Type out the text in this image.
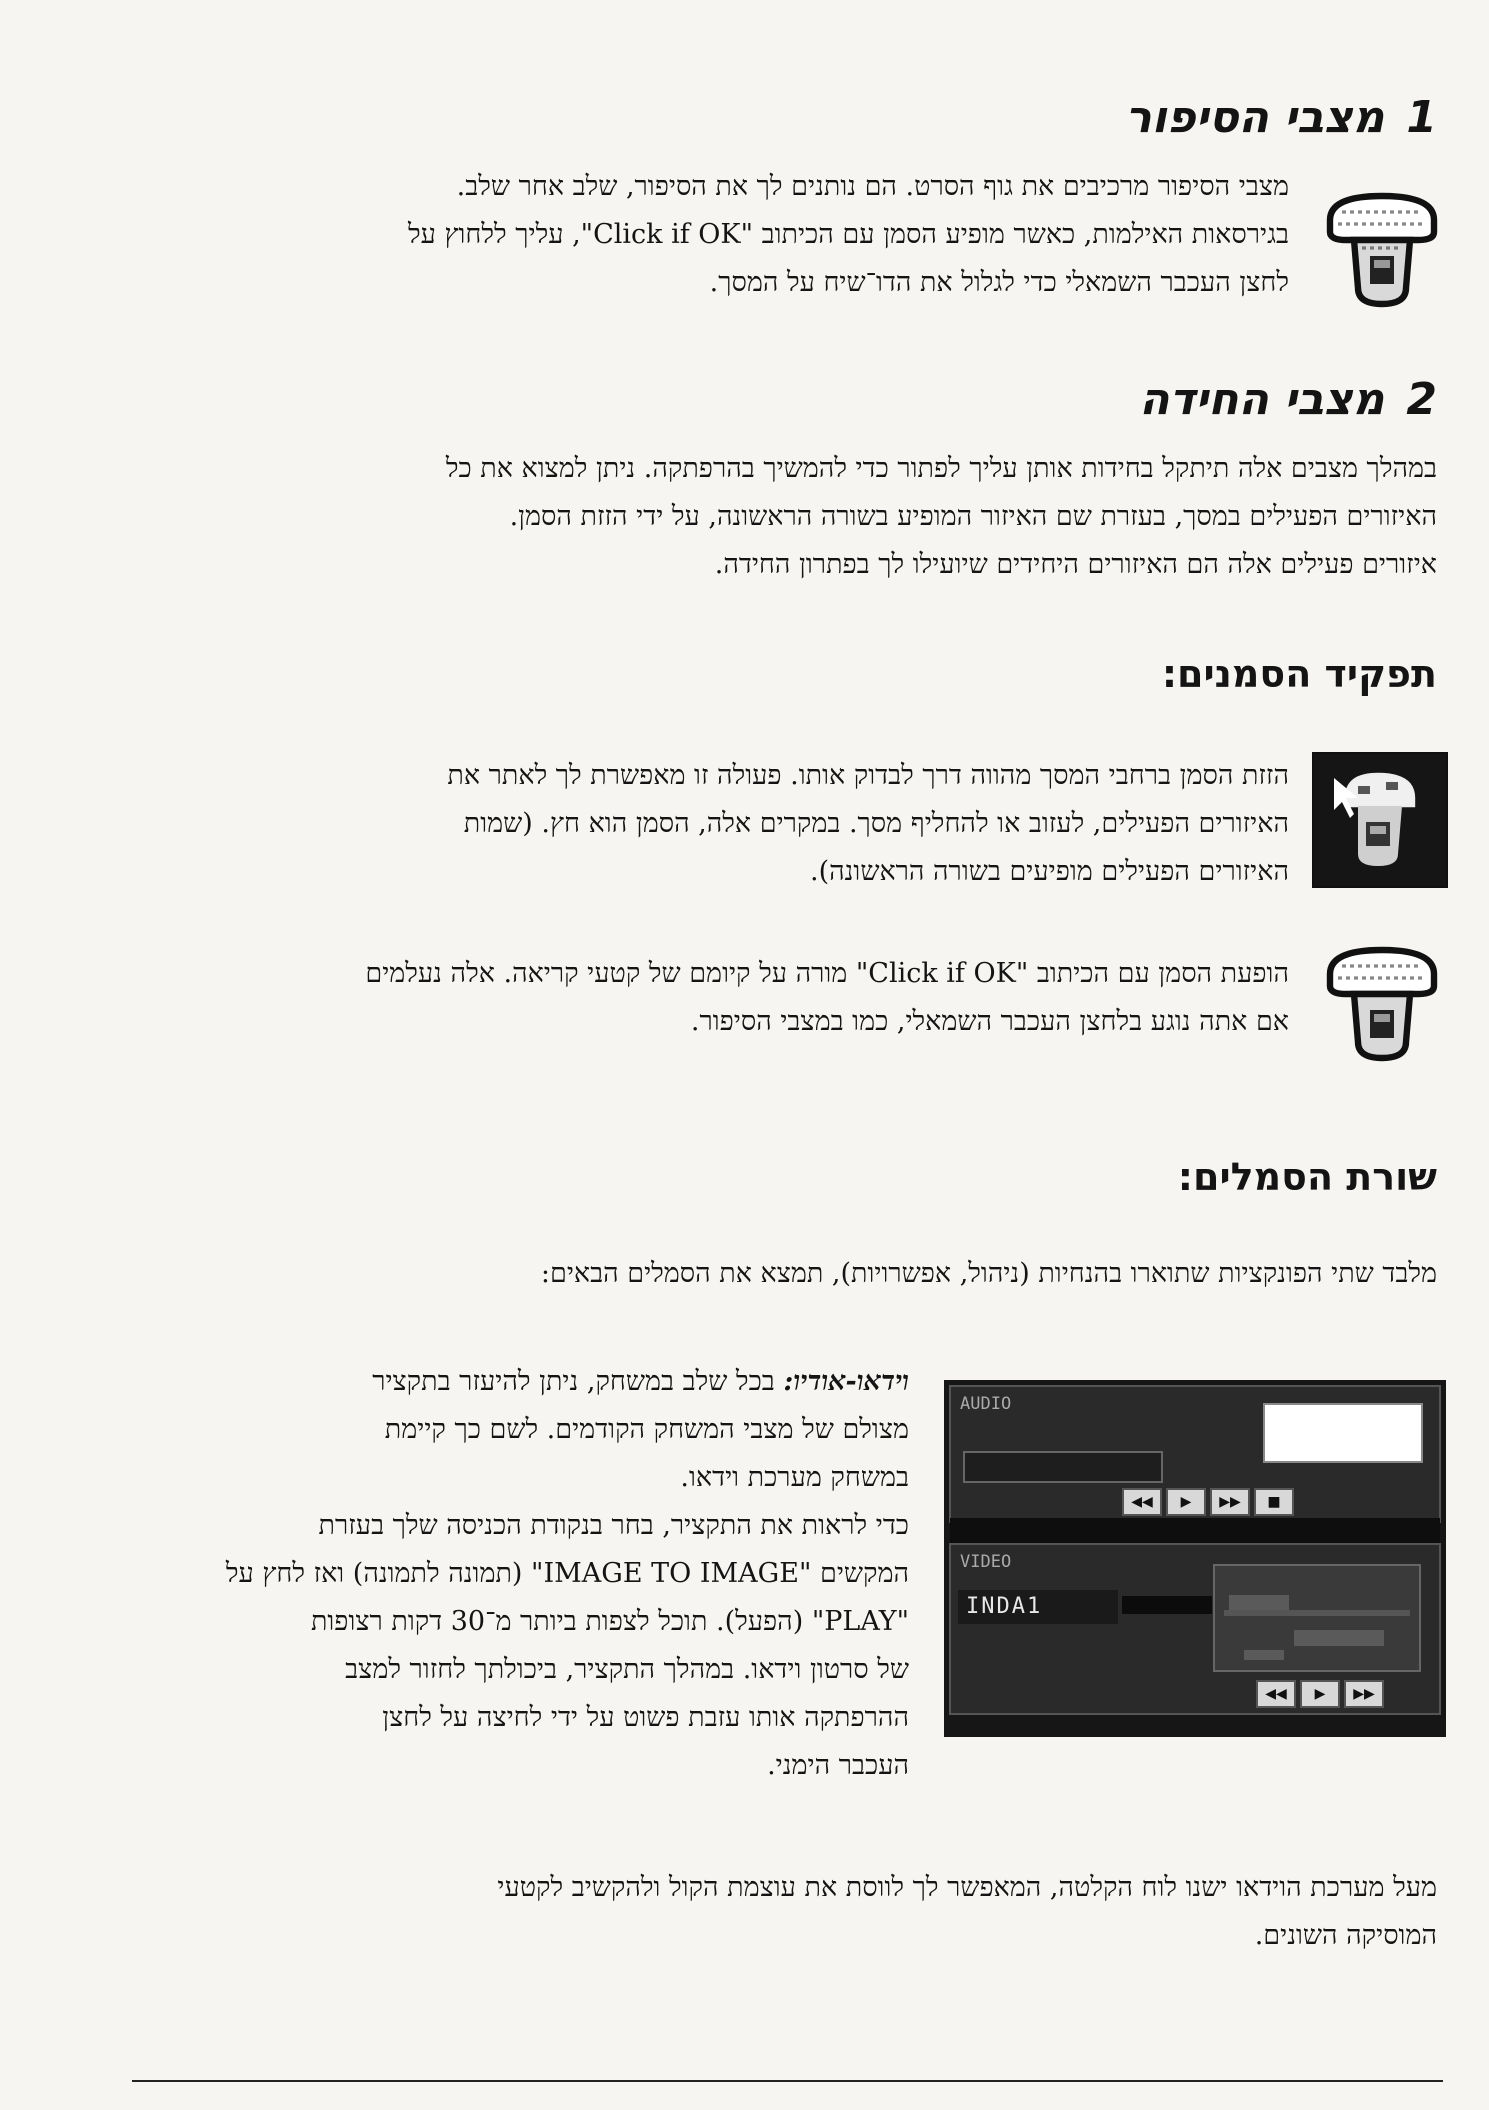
1מצבי הסיפור
מצבי הסיפור מרכיבים את גוף הסרט. הם נותנים לך את הסיפור, שלב אחר שלב.
בגירסאות האילמות, כאשר מופיע הסמן עם הכיתוב "Click if OK", עליך ללחוץ על
לחצן העכבר השמאלי כדי לגלול את הדו־שיח על המסך.
2מצבי החידה
במהלך מצבים אלה תיתקל בחידות אותן עליך לפתור כדי להמשיך בהרפתקה. ניתן למצוא את כל
האיזורים הפעילים במסך, בעזרת שם האיזור המופיע בשורה הראשונה, על ידי הזזת הסמן.
איזורים פעילים אלה הם האיזורים היחידים שיועילו לך בפתרון החידה.
תפקיד הסמנים:
הזזת הסמן ברחבי המסך מהווה דרך לבדוק אותו. פעולה זו מאפשרת לך לאתר את
האיזורים הפעילים, לעזוב או להחליף מסך. במקרים אלה, הסמן הוא חץ. (שמות
האיזורים הפעילים מופיעים בשורה הראשונה).
הופעת הסמן עם הכיתוב "Click if OK" מורה על קיומם של קטעי קריאה. אלה נעלמים
אם אתה נוגע בלחצן העכבר השמאלי, כמו במצבי הסיפור.
שורת הסמלים:
מלבד שתי הפונקציות שתוארו בהנחיות (ניהול, אפשרויות), תמצא את הסמלים הבאים:
וידאו-אודיו: בכל שלב במשחק, ניתן להיעזר בתקציר
מצולם של מצבי המשחק הקודמים. לשם כך קיימת
במשחק מערכת וידאו.
כדי לראות את התקציר, בחר בנקודת הכניסה שלך בעזרת
המקשים "IMAGE TO IMAGE" (תמונה לתמונה) ואז לחץ על
"PLAY" (הפעל). תוכל לצפות ביותר מ־30 דקות רצופות
של סרטון וידאו. במהלך התקציר, ביכולתך לחזור למצב
ההרפתקה אותו עזבת פשוט על ידי לחיצה על לחצן
העכבר הימני.
AUDIO
VIDEO
INDA1
◀◀	▶	▶▶	■
◀◀	▶	▶▶
מעל מערכת הוידאו ישנו לוח הקלטה, המאפשר לך לווסת את עוצמת הקול ולהקשיב לקטעי
המוסיקה השונים.
